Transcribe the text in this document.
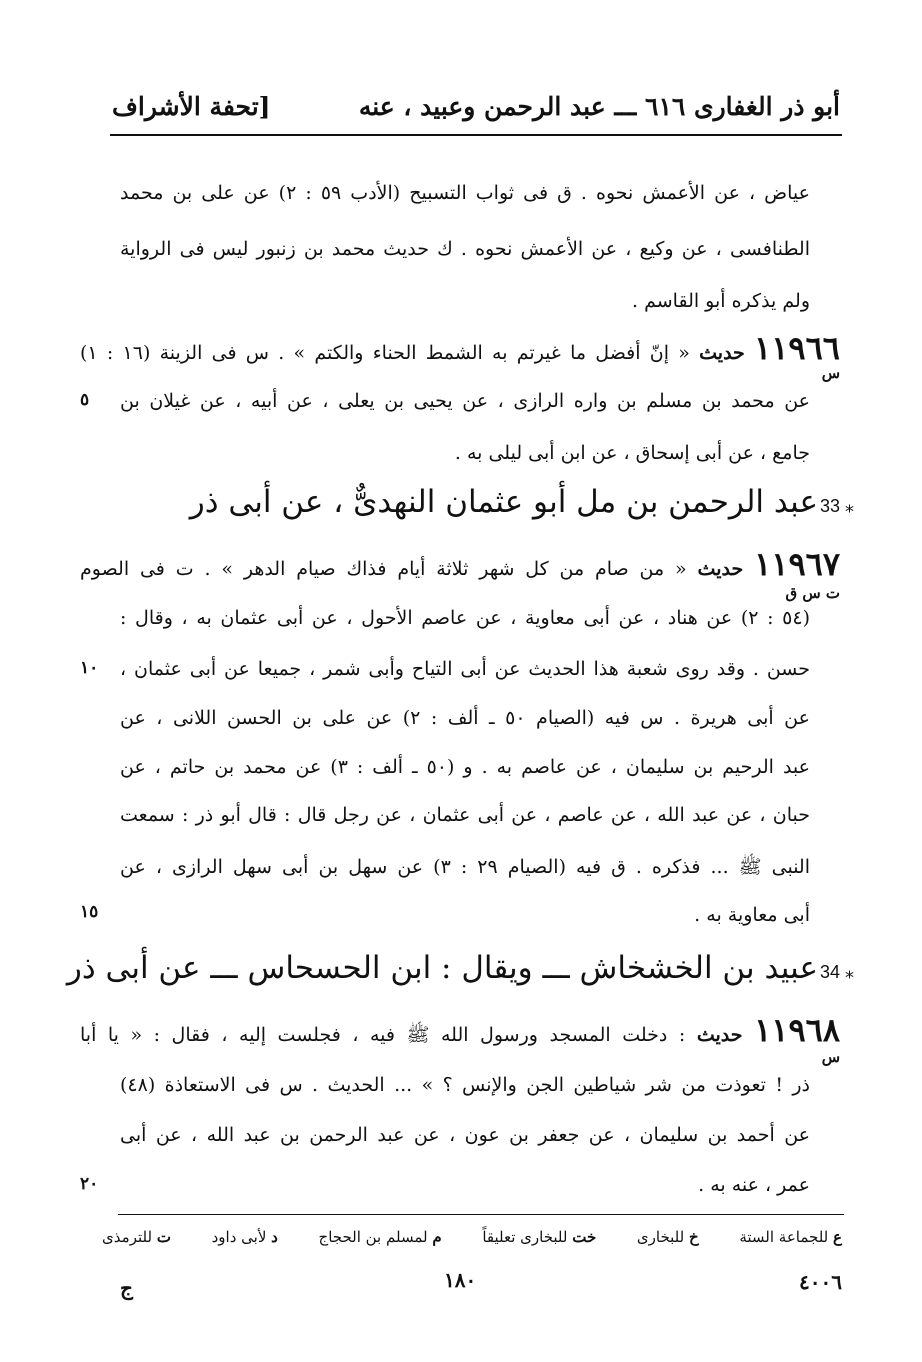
أبو ذر الغفارى ٦١٦ ـــ عبد الرحمن وعبيد ، عنه
[تحفة الأشراف
عياض ، عن الأعمش نحوه . ق فى ثواب التسبيح (الأدب ٥٩ : ٢) عن على بن محمد
الطنافسى ، عن وكيع ، عن الأعمش نحوه . ك حديث محمد بن زنبور ليس فى الرواية
ولم يذكره أبو القاسم .
١١٩٦٦ حديث « إنّ أفضل ما غيرتم به الشمط الحناء والكتم » . س فى الزينة (١٦ : ١)
س
عن محمد بن مسلم بن واره الرازى ، عن يحيى بن يعلى ، عن أبيه ، عن غيلان بن
جامع ، عن أبى إسحاق ، عن ابن أبى ليلى به .
٥
33 ⁎
عبد الرحمن بن مل أبو عثمان النهدىٌّ ، عن أبى ذر
١١٩٦٧ حديث « من صام من كل شهر ثلاثة أيام فذاك صيام الدهر » . ت فى الصوم
ت س ق
(٥٤ : ٢) عن هناد ، عن أبى معاوية ، عن عاصم الأحول ، عن أبى عثمان به ، وقال :
حسن . وقد روى شعبة هذا الحديث عن أبى التياح وأبى شمر ، جميعا عن أبى عثمان ،
عن أبى هريرة . س فيه (الصيام ٥٠ ـ ألف : ٢) عن على بن الحسن اللانى ، عن
عبد الرحيم بن سليمان ، عن عاصم به . و (٥٠ ـ ألف : ٣) عن محمد بن حاتم ، عن
حبان ، عن عبد الله ، عن عاصم ، عن أبى عثمان ، عن رجل قال : قال أبو ذر : سمعت
النبى ﷺ ... فذكره . ق فيه (الصيام ٢٩ : ٣) عن سهل بن أبى سهل الرازى ، عن
أبى معاوية به .
١٠
١٥
34 ⁎
عبيد بن الخشخاش ـــ ويقال : ابن الحسحاس ـــ عن أبى ذر
١١٩٦٨ حديث : دخلت المسجد ورسول الله ﷺ فيه ، فجلست إليه ، فقال : « يا أبا
س
ذر ! تعوذت من شر شياطين الجن والإنس ؟ » ... الحديث . س فى الاستعاذة (٤٨)
عن أحمد بن سليمان ، عن جعفر بن عون ، عن عبد الرحمن بن عبد الله ، عن أبى
عمر ، عنه به .
٢٠
ع للجماعة الستة
خ للبخارى
خت للبخارى تعليقاً
م لمسلم بن الحجاج
د لأبى داود
ت للترمذى
٤٠٠٦
١٨٠
ج
